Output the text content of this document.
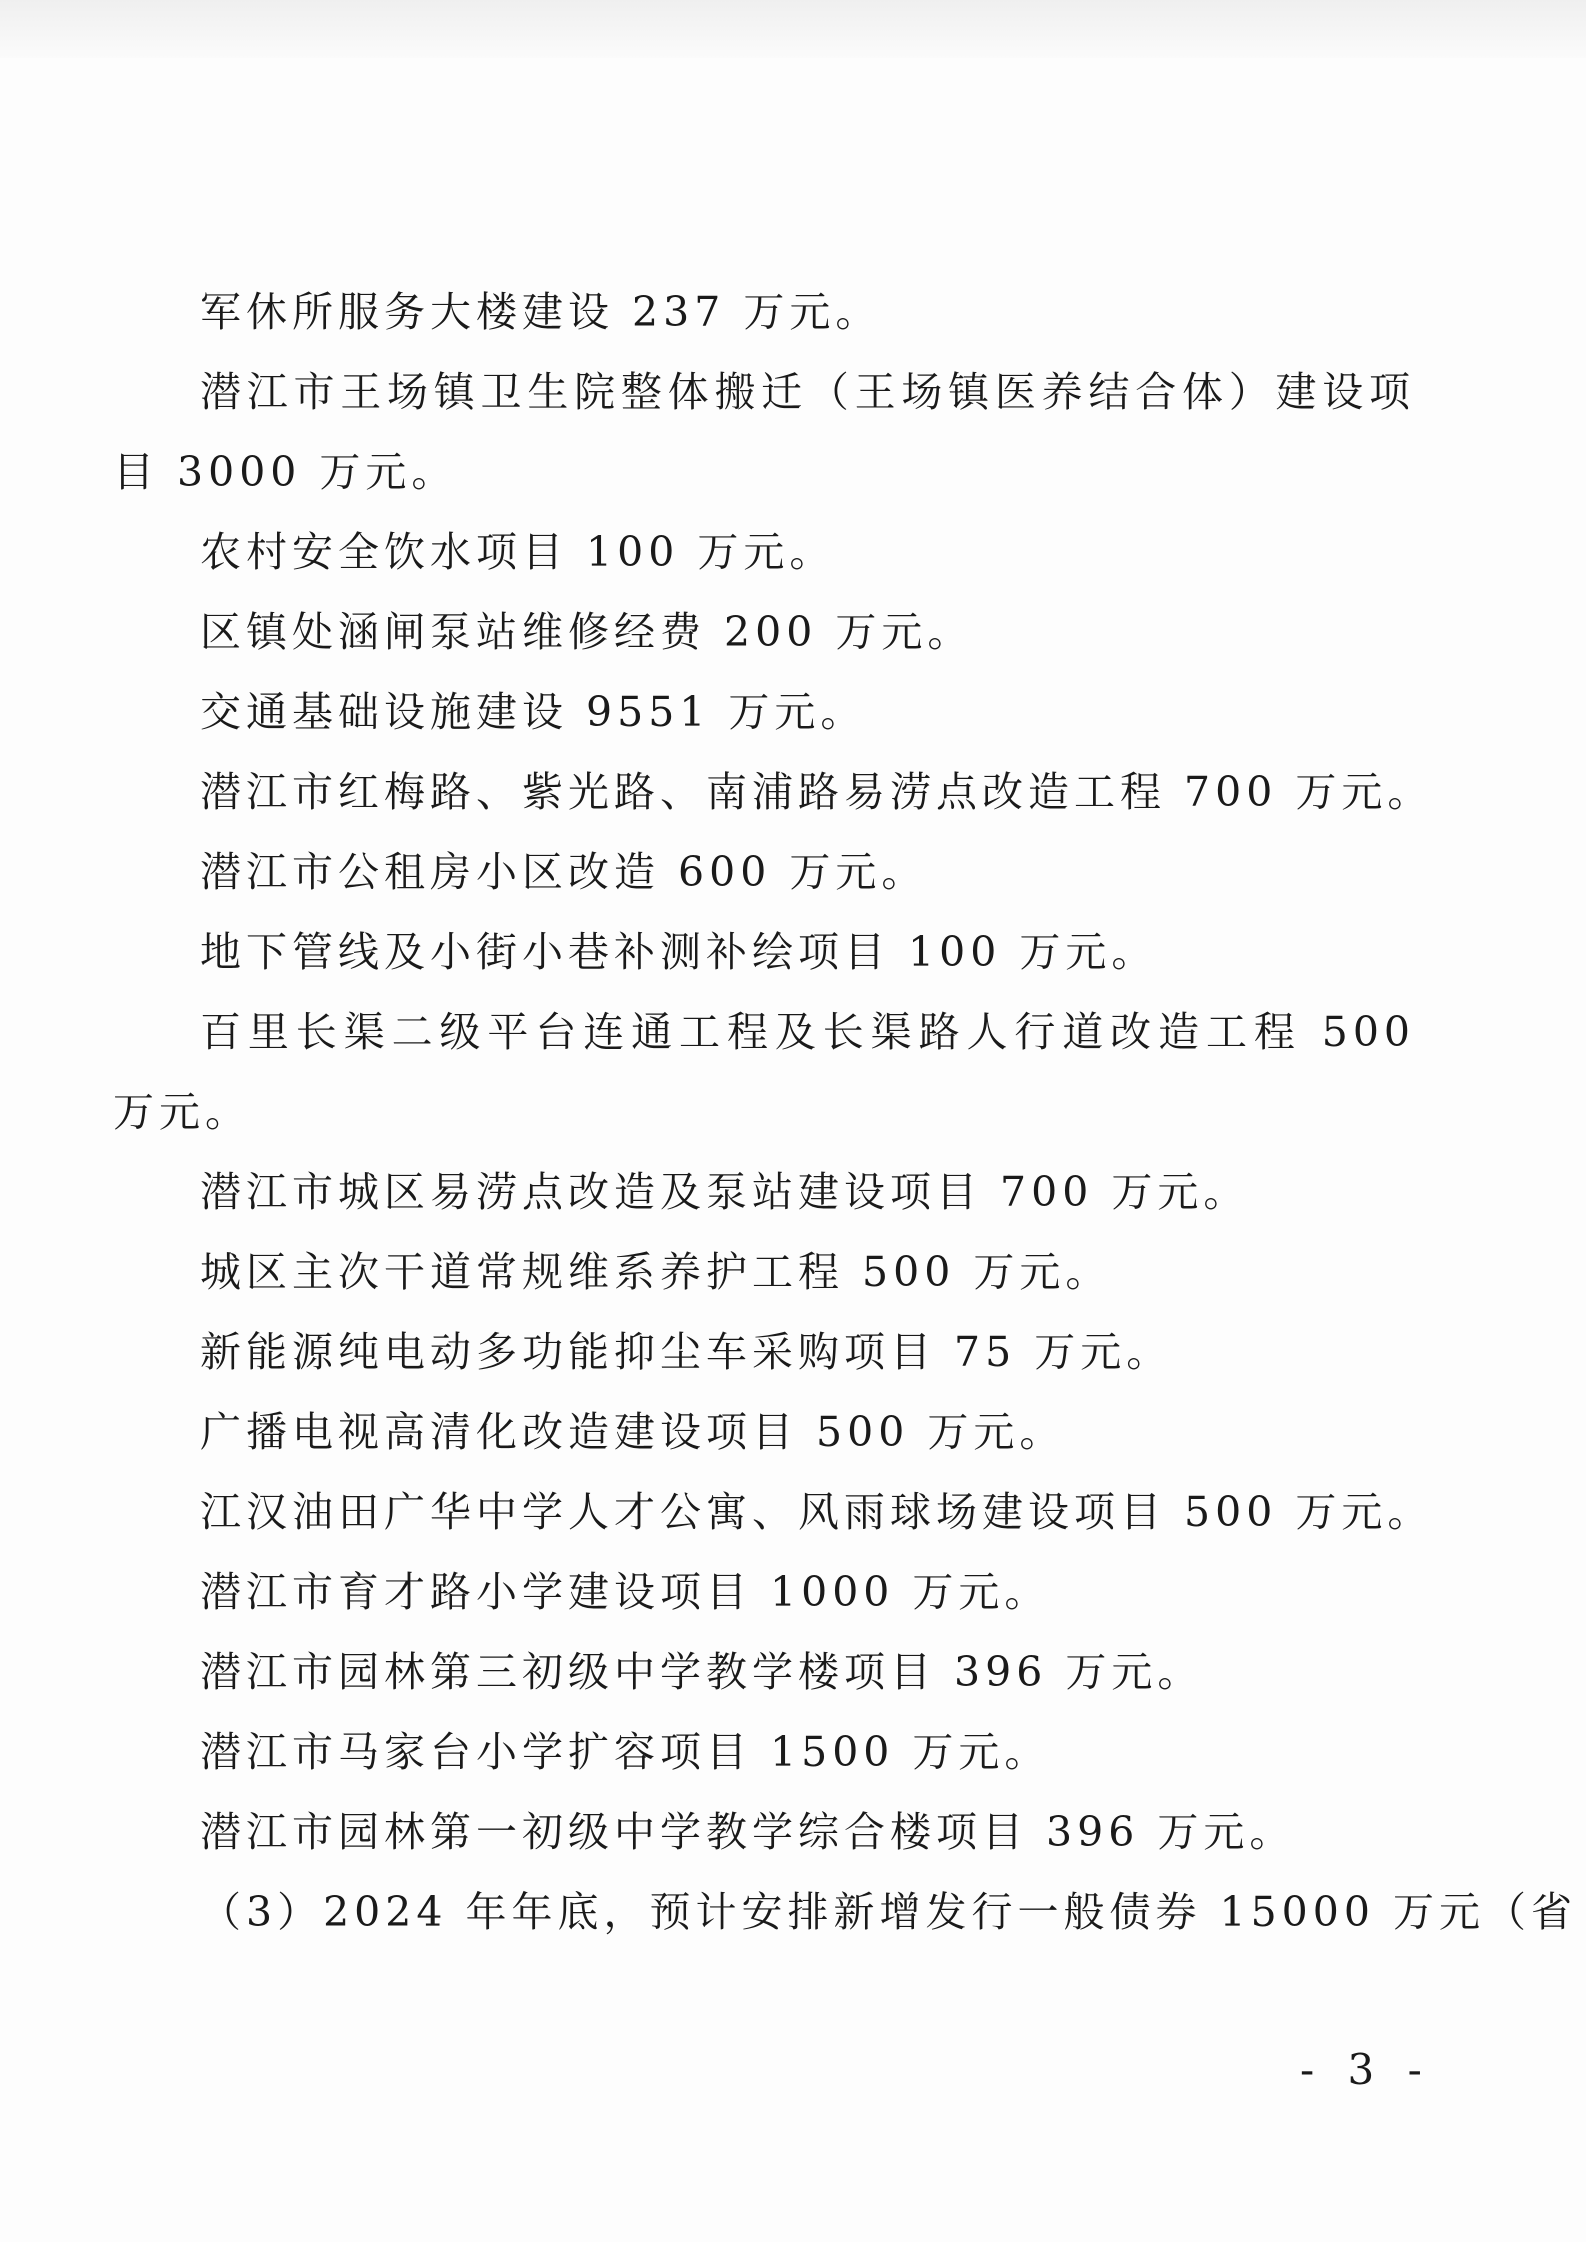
军休所服务大楼建设 237 万元。

潜江市王场镇卫生院整体搬迁（王场镇医养结合体）建设项目 3000 万元。

农村安全饮水项目 100 万元。

区镇处涵闸泵站维修经费 200 万元。

交通基础设施建设 9551 万元。

潜江市红梅路、紫光路、南浦路易涝点改造工程 700 万元。

潜江市公租房小区改造 600 万元。

地下管线及小街小巷补测补绘项目 100 万元。

百里长渠二级平台连通工程及长渠路人行道改造工程 500 万元。

潜江市城区易涝点改造及泵站建设项目 700 万元。

城区主次干道常规维系养护工程 500 万元。

新能源纯电动多功能抑尘车采购项目 75 万元。

广播电视高清化改造建设项目 500 万元。

江汉油田广华中学人才公寓、风雨球场建设项目 500 万元。

潜江市育才路小学建设项目 1000 万元。

潜江市园林第三初级中学教学楼项目 396 万元。

潜江市马家台小学扩容项目 1500 万元。

潜江市园林第一初级中学教学综合楼项目 396 万元。

（3）2024 年年底，预计安排新增发行一般债券 15000 万元（省

- 3 -
